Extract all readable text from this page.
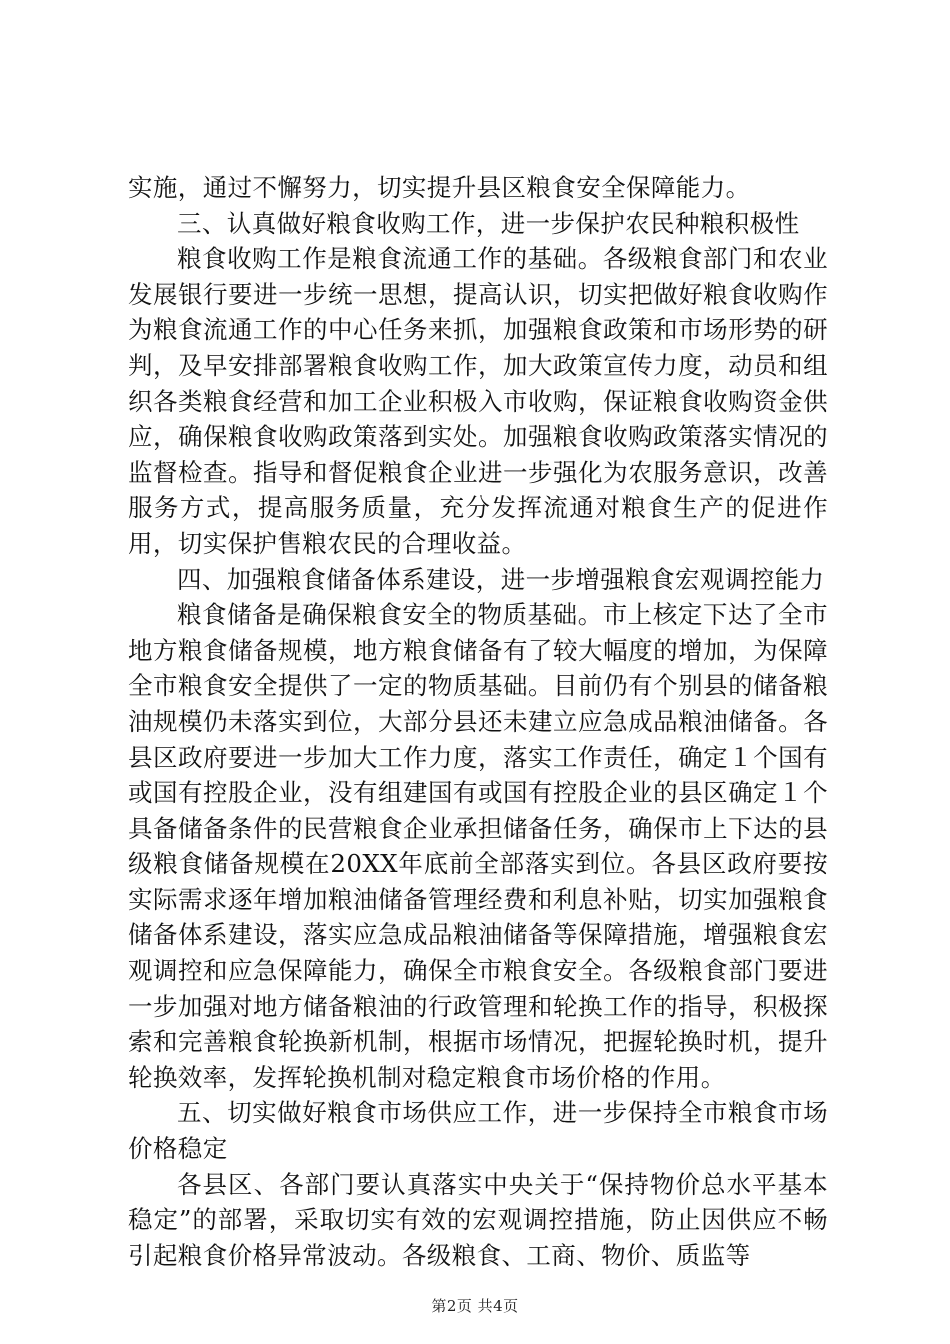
实施，通过不懈努力，切实提升县区粮食安全保障能力。

三、认真做好粮食收购工作，进一步保护农民种粮积极性

粮食收购工作是粮食流通工作的基础。各级粮食部门和农业发展银行要进一步统一思想，提高认识，切实把做好粮食收购作为粮食流通工作的中心任务来抓，加强粮食政策和市场形势的研判，及早安排部署粮食收购工作，加大政策宣传力度，动员和组织各类粮食经营和加工企业积极入市收购，保证粮食收购资金供应，确保粮食收购政策落到实处。加强粮食收购政策落实情况的监督检查。指导和督促粮食企业进一步强化为农服务意识，改善服务方式，提高服务质量，充分发挥流通对粮食生产的促进作用，切实保护售粮农民的合理收益。

四、加强粮食储备体系建设，进一步增强粮食宏观调控能力

粮食储备是确保粮食安全的物质基础。市上核定下达了全市地方粮食储备规模，地方粮食储备有了较大幅度的增加，为保障全市粮食安全提供了一定的物质基础。目前仍有个别县的储备粮油规模仍未落实到位，大部分县还未建立应急成品粮油储备。各县区政府要进一步加大工作力度，落实工作责任，确定１个国有或国有控股企业，没有组建国有或国有控股企业的县区确定１个具备储备条件的民营粮食企业承担储备任务，确保市上下达的县级粮食储备规模在20XX年底前全部落实到位。各县区政府要按实际需求逐年增加粮油储备管理经费和利息补贴，切实加强粮食储备体系建设，落实应急成品粮油储备等保障措施，增强粮食宏观调控和应急保障能力，确保全市粮食安全。各级粮食部门要进一步加强对地方储备粮油的行政管理和轮换工作的指导，积极探索和完善粮食轮换新机制，根据市场情况，把握轮换时机，提升轮换效率，发挥轮换机制对稳定粮食市场价格的作用。

五、切实做好粮食市场供应工作，进一步保持全市粮食市场价格稳定

各县区、各部门要认真落实中央关于“保持物价总水平基本稳定”的部署，采取切实有效的宏观调控措施，防止因供应不畅引起粮食价格异常波动。各级粮食、工商、物价、质监等

第2页 共4页
